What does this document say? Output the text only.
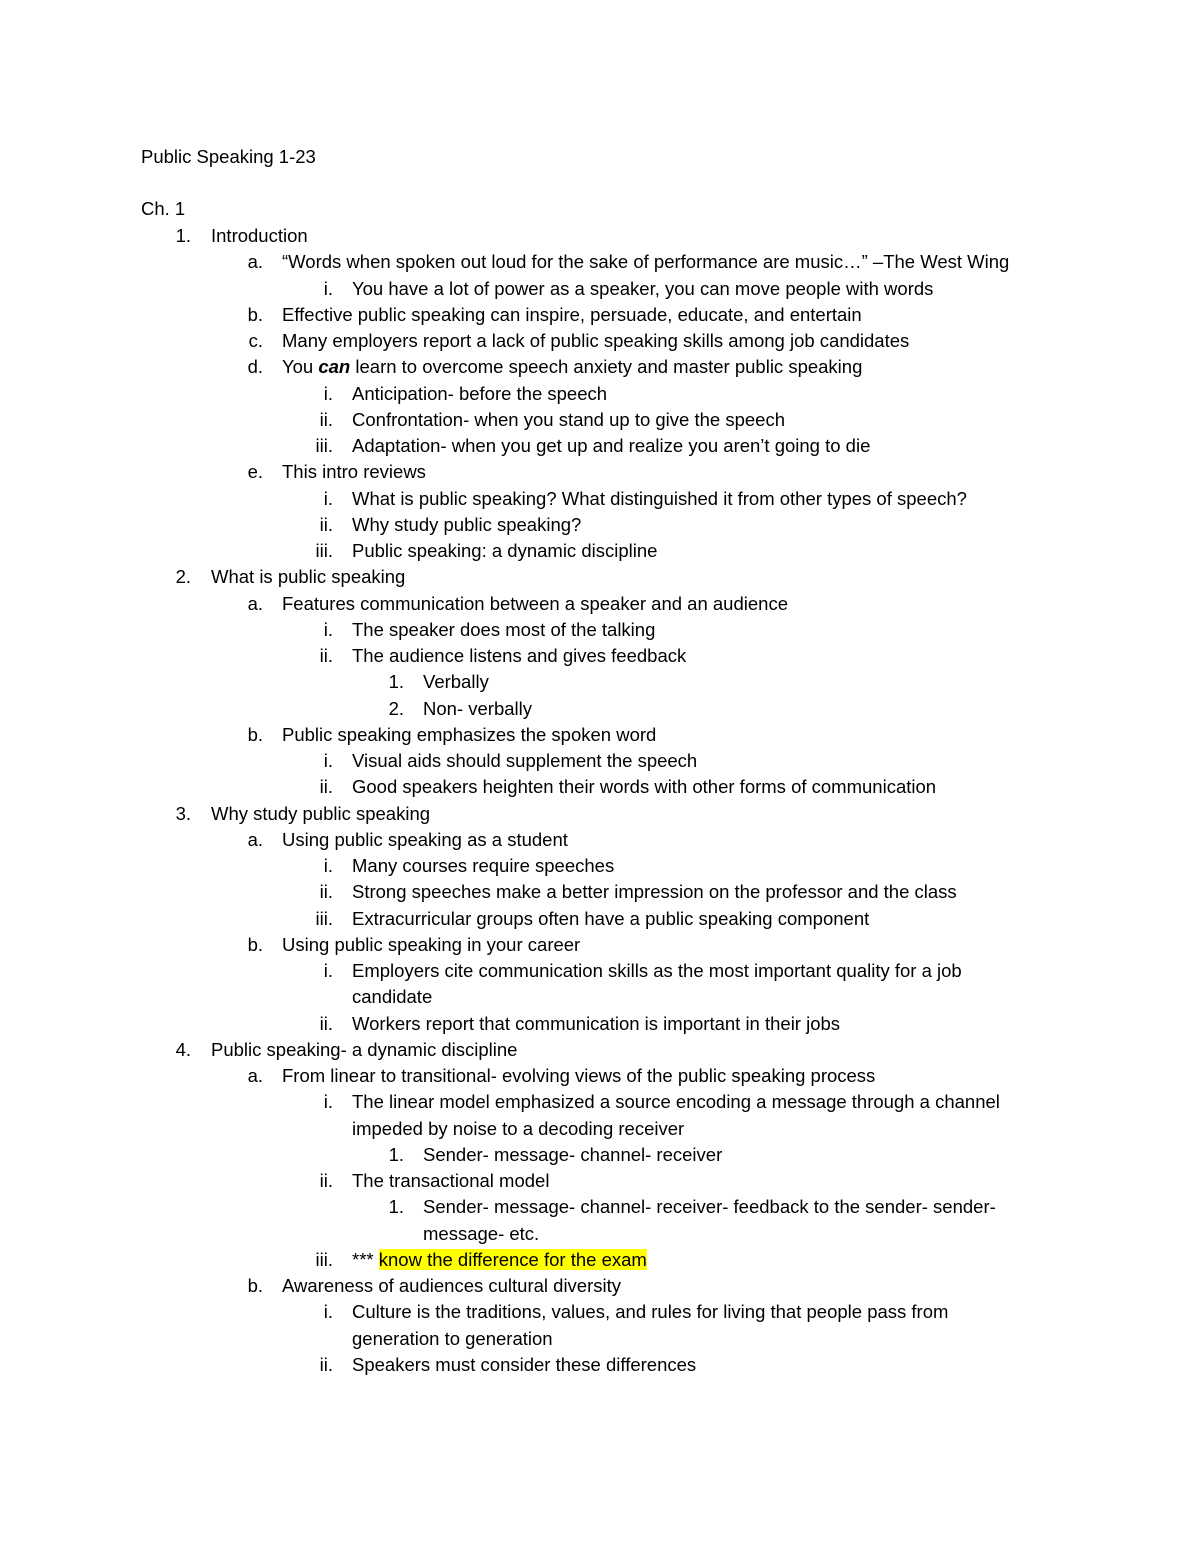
Public Speaking 1-23
Ch. 1
1. Introduction
a. “Words when spoken out loud for the sake of performance are music…” –The West Wing
i. You have a lot of power as a speaker, you can move people with words
b. Effective public speaking can inspire, persuade, educate, and entertain
c. Many employers report a lack of public speaking skills among job candidates
d. You can learn to overcome speech anxiety and master public speaking
i. Anticipation- before the speech
ii. Confrontation- when you stand up to give the speech
iii. Adaptation- when you get up and realize you aren’t going to die
e. This intro reviews
i. What is public speaking? What distinguished it from other types of speech?
ii. Why study public speaking?
iii. Public speaking: a dynamic discipline
2. What is public speaking
a. Features communication between a speaker and an audience
i. The speaker does most of the talking
ii. The audience listens and gives feedback
1. Verbally
2. Non- verbally
b. Public speaking emphasizes the spoken word
i. Visual aids should supplement the speech
ii. Good speakers heighten their words with other forms of communication
3. Why study public speaking
a. Using public speaking as a student
i. Many courses require speeches
ii. Strong speeches make a better impression on the professor and the class
iii. Extracurricular groups often have a public speaking component
b. Using public speaking in your career
i. Employers cite communication skills as the most important quality for a job
candidate
ii. Workers report that communication is important in their jobs
4. Public speaking- a dynamic discipline
a. From linear to transitional- evolving views of the public speaking process
i. The linear model emphasized a source encoding a message through a channel
impeded by noise to a decoding receiver
1. Sender- message- channel- receiver
ii. The transactional model
1. Sender- message- channel- receiver- feedback to the sender- sender-
message- etc.
iii. *** know the difference for the exam
b. Awareness of audiences cultural diversity
i. Culture is the traditions, values, and rules for living that people pass from
generation to generation
ii. Speakers must consider these differences
